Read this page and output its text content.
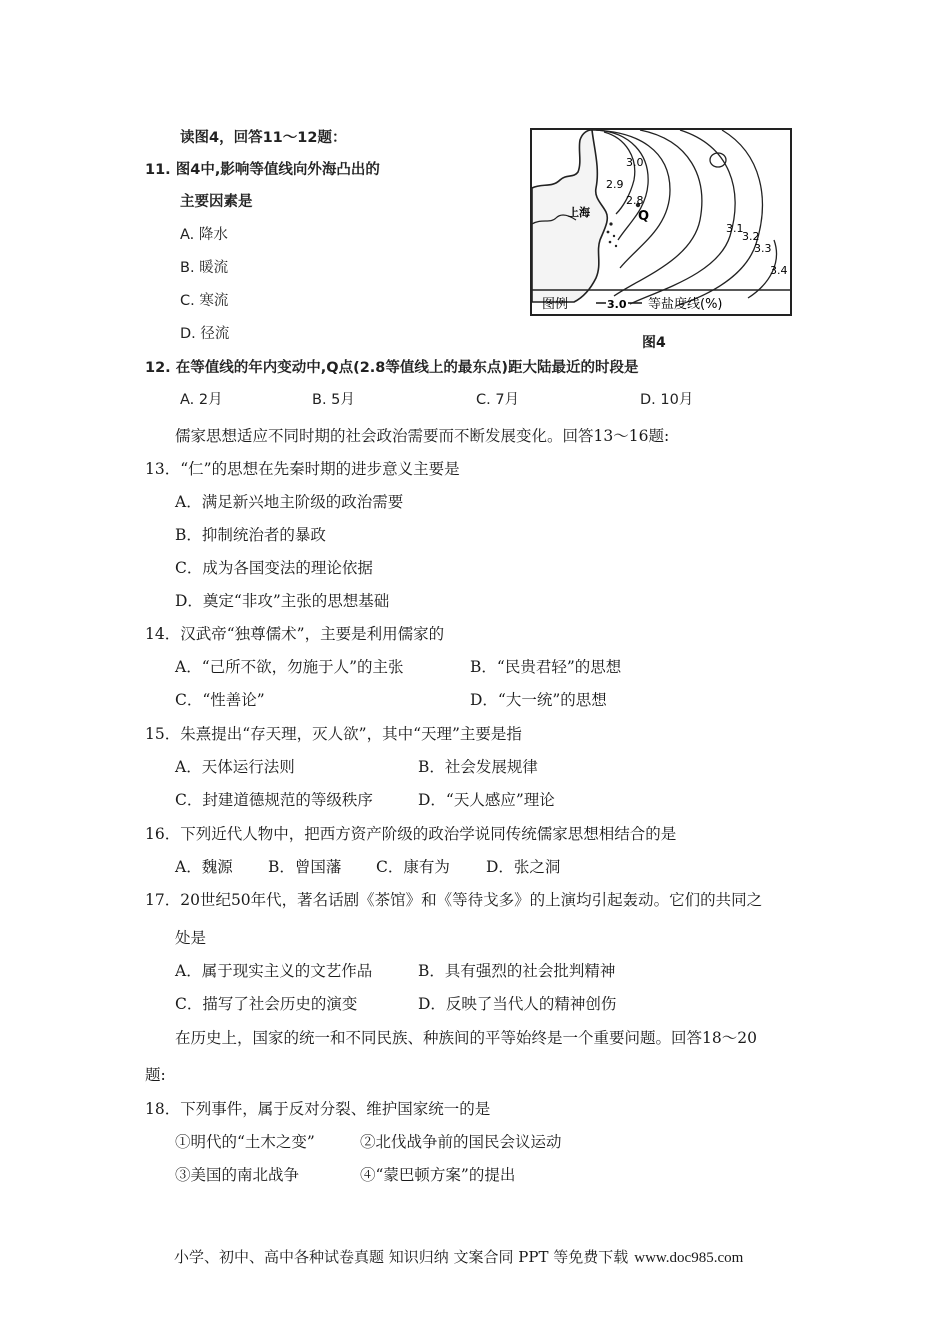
读图4，回答11～12题：
11. 图4中,影响等值线向外海凸出的
主要因素是
A. 降水
B. 暖流
C. 寒流
D. 径流
12. 在等值线的年内变动中,Q点(2.8等值线上的最东点)距大陆最近的时段是
A. 2月	B. 5月	C. 7月	D. 10月
3.0
2.9
2.8
3.1
3.2
3.3
3.4
上海	Q
图例	3.0 等盐度线(%)
图4
儒家思想适应不同时期的社会政治需要而不断发展变化。回答13～16题:
13．“仁”的思想在先秦时期的进步意义主要是
A．满足新兴地主阶级的政治需要
B．抑制统治者的暴政
C．成为各国变法的理论依据
D．奠定“非攻”主张的思想基础
14．汉武帝“独尊儒术”，主要是利用儒家的
A．“己所不欲，勿施于人”的主张	B．“民贵君轻”的思想
C．“性善论”	D．“大一统”的思想
15．朱熹提出“存天理，灭人欲”，其中“天理”主要是指
A．天体运行法则	B．社会发展规律
C．封建道德规范的等级秩序	D．“天人感应”理论
16．下列近代人物中，把西方资产阶级的政治学说同传统儒家思想相结合的是
A．魏源 B．曾国藩 C．康有为 D．张之洞
17．20世纪50年代，著名话剧《茶馆》和《等待戈多》的上演均引起轰动。它们的共同之
处是
A．属于现实主义的文艺作品	B．具有强烈的社会批判精神
C．描写了社会历史的演变	D．反映了当代人的精神创伤
在历史上，国家的统一和不同民族、种族间的平等始终是一个重要问题。回答18～20
题:
18．下列事件，属于反对分裂、维护国家统一的是
①明代的“土木之变”	②北伐战争前的国民会议运动
③美国的南北战争	④“蒙巴顿方案”的提出
小学、初中、高中各种试卷真题 知识归纳 文案合同 PPT 等免费下载 www.doc985.com
